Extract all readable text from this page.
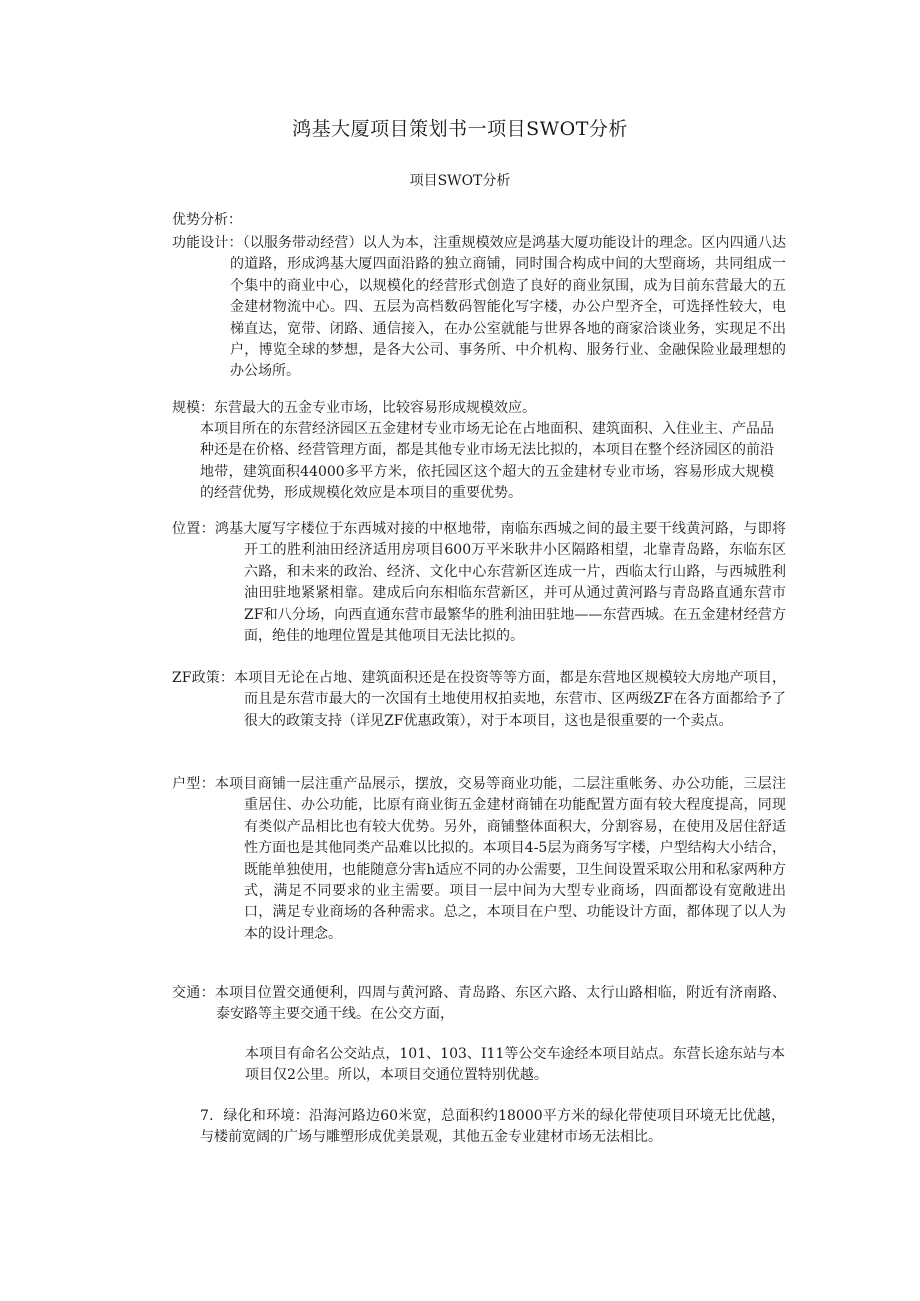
鸿基大厦项目策划书一项目SWOT分析
项目SWOT分析
优势分析：

功能设计：（以服务带动经营）以人为本，注重规模效应是鸿基大厦功能设计的理念。区内四通八达的道路，形成鸿基大厦四面沿路的独立商铺，同时围合构成中间的大型商场，共同组成一个集中的商业中心，以规模化的经营形式创造了良好的商业氛围，成为目前东营最大的五金建材物流中心。四、五层为高档数码智能化写字楼，办公户型齐全，可选择性较大，电梯直达，宽带、闭路、通信接入，在办公室就能与世界各地的商家洽谈业务，实现足不出户，博览全球的梦想，是各大公司、事务所、中介机构、服务行业、金融保险业最理想的办公场所。

规模：东营最大的五金专业市场，比较容易形成规模效应。

本项目所在的东营经济园区五金建材专业市场无论在占地面积、建筑面积、入住业主、产品品种还是在价格、经营管理方面，都是其他专业市场无法比拟的，本项目在整个经济园区的前沿地带，建筑面积44000多平方米，依托园区这个超大的五金建材专业市场，容易形成大规模的经营优势，形成规模化效应是本项目的重要优势。

位置：鸿基大厦写字楼位于东西城对接的中枢地带，南临东西城之间的最主要干线黄河路，与即将开工的胜利油田经济适用房项目600万平米耿井小区隔路相望，北靠青岛路，东临东区六路，和未来的政治、经济、文化中心东营新区连成一片，西临太行山路，与西城胜利油田驻地紧紧相靠。建成后向东相临东营新区，并可从通过黄河路与青岛路直通东营市ZF和八分场，向西直通东营市最繁华的胜利油田驻地——东营西城。在五金建材经营方面，绝佳的地理位置是其他项目无法比拟的。

ZF政策：本项目无论在占地、建筑面积还是在投资等等方面，都是东营地区规模较大房地产项目，而且是东营市最大的一次国有土地使用权拍卖地，东营市、区两级ZF在各方面都给予了很大的政策支持（详见ZF优惠政策），对于本项目，这也是很重要的一个卖点。

户型：本项目商铺一层注重产品展示，摆放，交易等商业功能，二层注重帐务、办公功能，三层注重居住、办公功能，比原有商业街五金建材商铺在功能配置方面有较大程度提高，同现有类似产品相比也有较大优势。另外，商铺整体面积大，分割容易，在使用及居住舒适性方面也是其他同类产品难以比拟的。本项目4-5层为商务写字楼，户型结构大小结合，既能单独使用，也能随意分害h适应不同的办公需要，卫生间设置采取公用和私家两种方式，满足不同要求的业主需要。项目一层中间为大型专业商场，四面都设有宽敞进出口，满足专业商场的各种需求。总之，本项目在户型、功能设计方面，都体现了以人为本的设计理念。

交通：本项目位置交通便利，四周与黄河路、青岛路、东区六路、太行山路相临，附近有济南路、泰安路等主要交通干线。在公交方面，

本项目有命名公交站点，101、103、I11等公交车途经本项目站点。东营长途东站与本项目仅2公里。所以，本项目交通位置特别优越。

7．绿化和环境：沿海河路边60米宽，总面积约18000平方米的绿化带使项目环境无比优越，与楼前宽阔的广场与雕塑形成优美景观，其他五金专业建材市场无法相比。
